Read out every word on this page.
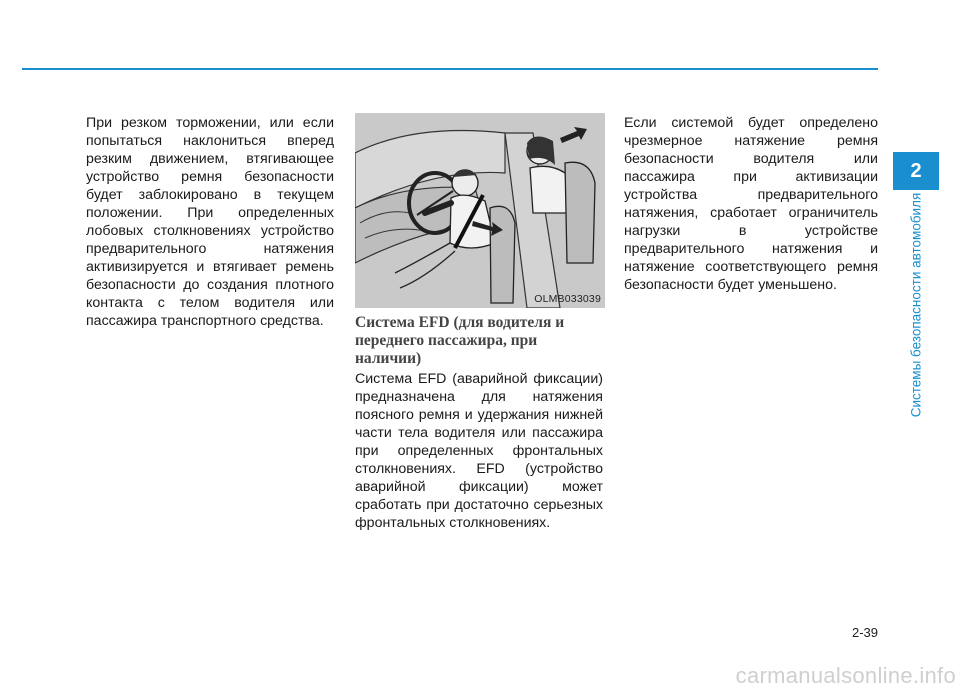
При резком торможении, или если попытаться наклониться вперед резким движением, втягивающее устройство ремня безопасности будет заблокировано в текущем положении. При определенных лобовых столкновениях устройство предварительного натяжения активизируется и втягивает ремень безопасности до создания плотного контакта с телом водителя или пассажира транспортного средства.

OLMB033039
Система EFD (для водителя и переднего пассажира, при наличии)

Система EFD (аварийной фиксации) предназначена для натяжения поясного ремня и удержания нижней части тела водителя или пассажира при определенных фронтальных столкновениях. EFD (устройство аварийной фиксации) может сработать при достаточно серьезных фронтальных столкновениях.

Если системой будет определено чрезмерное натяжение ремня безопасности водителя или пассажира при активизации устройства предварительного натяжения, сработает ограничитель нагрузки в устройстве предварительного натяжения и натяжение соответствующего ремня безопасности будет уменьшено.

2
Системы безопасности автомобиля
2-39
carmanualsonline.info
